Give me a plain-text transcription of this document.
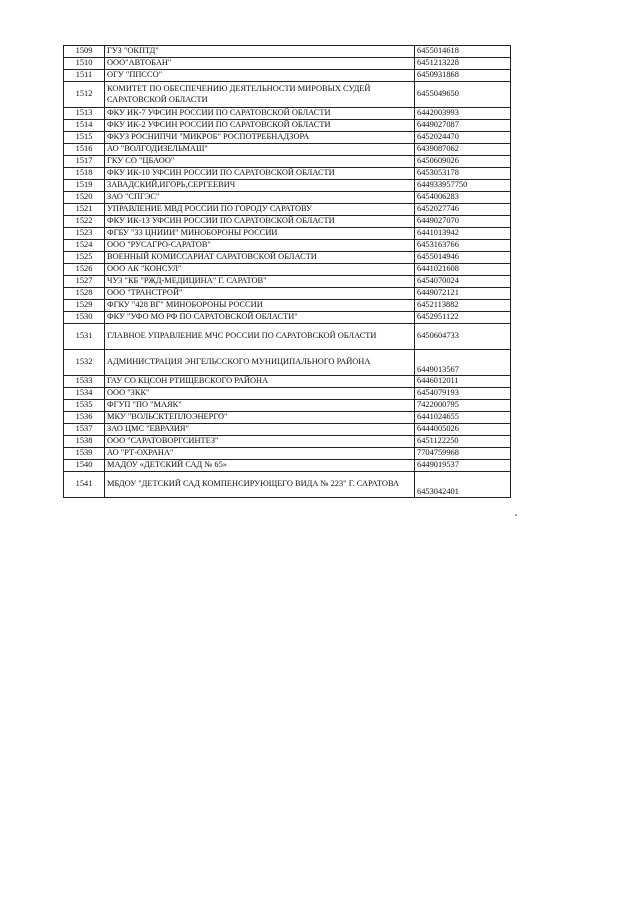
1509	ГУЗ "ОКПТД"	6455014618
1510	ООО"АВТОБАН"	6451213228
1511	ОГУ "ППССО"	6450931868
1512	КОМИТЕТ ПО ОБЕСПЕЧЕНИЮ ДЕЯТЕЛЬНОСТИ МИРОВЫХ СУДЕЙ САРАТОВСКОЙ ОБЛАСТИ	6455049650
1513	ФКУ ИК-7 УФСИН РОССИИ ПО САРАТОВСКОЙ ОБЛАСТИ	6442003993
1514	ФКУ ИК-2 УФСИН РОССИИ ПО САРАТОВСКОЙ ОБЛАСТИ	6449027087
1515	ФКУЗ РОСНИПЧИ "МИКРОБ" РОСПОТРЕБНАДЗОРА	6452024470
1516	АО "ВОЛГОДИЗЕЛЬМАШ"	6439087062
1517	ГКУ СО "ЦБАОО"	6450609026
1518	ФКУ ИК-10 УФСИН РОССИИ ПО САРАТОВСКОЙ ОБЛАСТИ	6453053178
1519	ЗАВАДСКИЙ,ИГОРЬ,СЕРГЕЕВИЧ	644933957750
1520	ЗАО "СПГЭС"	6454006283
1521	УПРАВЛЕНИЕ МВД РОССИИ ПО ГОРОДУ САРАТОВУ	6452027746
1522	ФКУ ИК-13 УФСИН РОССИИ ПО САРАТОВСКОЙ ОБЛАСТИ	6449027070
1523	ФГБУ "33 ЦНИИИ" МИНОБОРОНЫ РОССИИ	6441013942
1524	ООО "РУСАГРО-САРАТОВ"	6453163766
1525	ВОЕННЫЙ КОМИССАРИАТ САРАТОВСКОЙ ОБЛАСТИ	6455014946
1526	ООО АК "КОНСУЛ"	6441021608
1527	ЧУЗ "КБ "РЖД-МЕДИЦИНА" Г. САРАТОВ"	6454070024
1528	ООО "ТРАНСТРОЙ"	6449072121
1529	ФГКУ "428 ВГ" МИНОБОРОНЫ РОССИИ	6452113882
1530	ФКУ "УФО МО РФ ПО САРАТОВСКОЙ ОБЛАСТИ"	6452951122
1531	ГЛАВНОЕ УПРАВЛЕНИЕ МЧС РОССИИ ПО САРАТОВСКОЙ ОБЛАСТИ	6450604733
1532	АДМИНИСТРАЦИЯ ЭНГЕЛЬССКОГО МУНИЦИПАЛЬНОГО РАЙОНА	6449013567
1533	ГАУ СО КЦСОН РТИЩЕВСКОГО РАЙОНА	6446012011
1534	ООО "ЗКК"	6454079193
1535	ФГУП "ПО "МАЯК"	7422000795
1536	МКУ "ВОЛЬСКТЕПЛОЭНЕРГО"	6441024655
1537	ЗАО ЦМС "ЕВРАЗИЯ"	6444005026
1538	ООО "САРАТОВОРГСИНТЕЗ"	6451122250
1539	АО "РТ-ОХРАНА"	7704759968
1540	МАДОУ «ДЕТСКИЙ САД № 65»	6449019537
1541	МБДОУ "ДЕТСКИЙ САД КОМПЕНСИРУЮЩЕГО ВИДА № 223" Г. САРАТОВА	6453042401
